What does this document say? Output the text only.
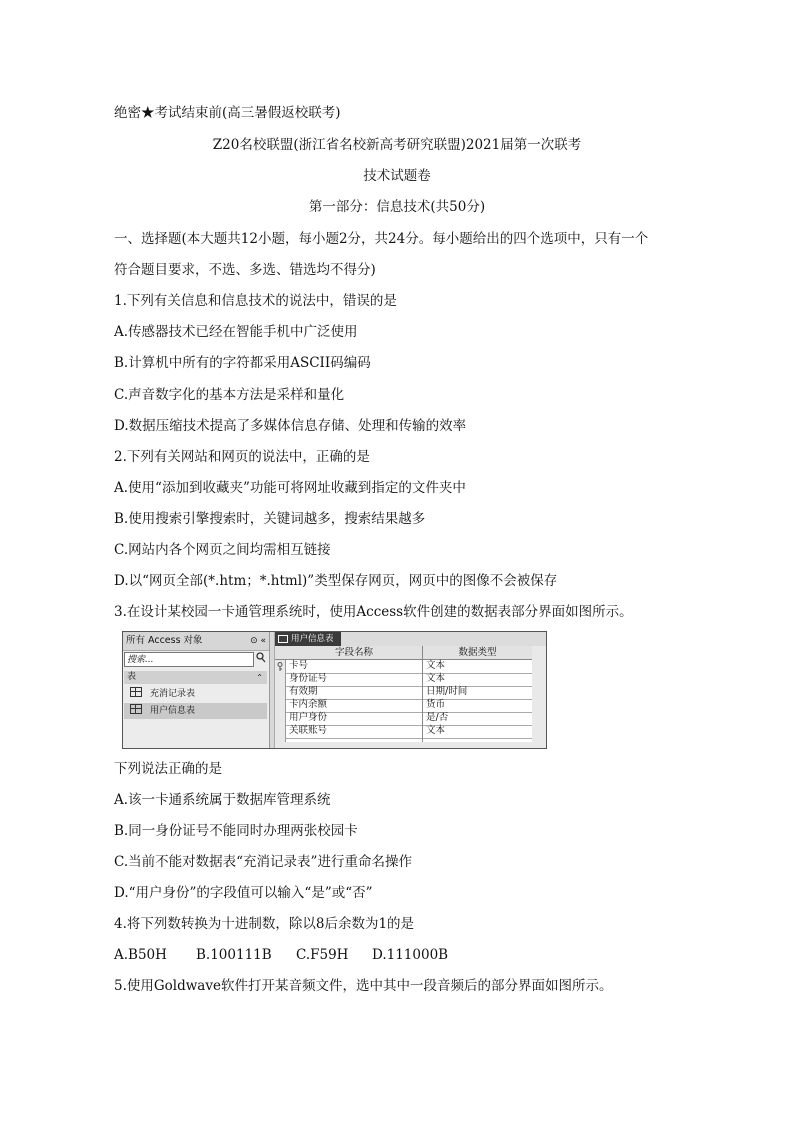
绝密★考试结束前(高三暑假返校联考)
Z20名校联盟(浙江省名校新高考研究联盟)2021届第一次联考
技术试题卷
第一部分：信息技术(共50分)
一、选择题(本大题共12小题，每小题2分，共24分。每小题给出的四个选项中，只有一个
符合题目要求，不选、多选、错选均不得分)
1.下列有关信息和信息技术的说法中，错误的是
A.传感器技术已经在智能手机中广泛使用
B.计算机中所有的字符都采用ASCII码编码
C.声音数字化的基本方法是采样和量化
D.数据压缩技术提高了多媒体信息存储、处理和传输的效率
2.下列有关网站和网页的说法中，正确的是
A.使用“添加到收藏夹”功能可将网址收藏到指定的文件夹中
B.使用搜索引擎搜索时，关键词越多，搜索结果越多
C.网站内各个网页之间均需相互链接
D.以“网页全部(*.htm；*.html)”类型保存网页，网页中的图像不会被保存
3.在设计某校园一卡通管理系统时，使用Access软件创建的数据表部分界面如图所示。
所有 Access 对象	⊙ «
搜索...
表	⌃
充消记录表
用户信息表
用户信息表
字段名称	数据类型
卡号	文本
身份证号	文本
有效期	日期/时间
卡内余额	货币
用户身份	是/否
关联账号	文本
下列说法正确的是
A.该一卡通系统属于数据库管理系统
B.同一身份证号不能同时办理两张校园卡
C.当前不能对数据表“充消记录表”进行重命名操作
D.“用户身份”的字段值可以输入“是”或“否”
4.将下列数转换为十进制数，除以8后余数为1的是
A.B50H B.100111B C.F59H D.111000B
5.使用Goldwave软件打开某音频文件，选中其中一段音频后的部分界面如图所示。
